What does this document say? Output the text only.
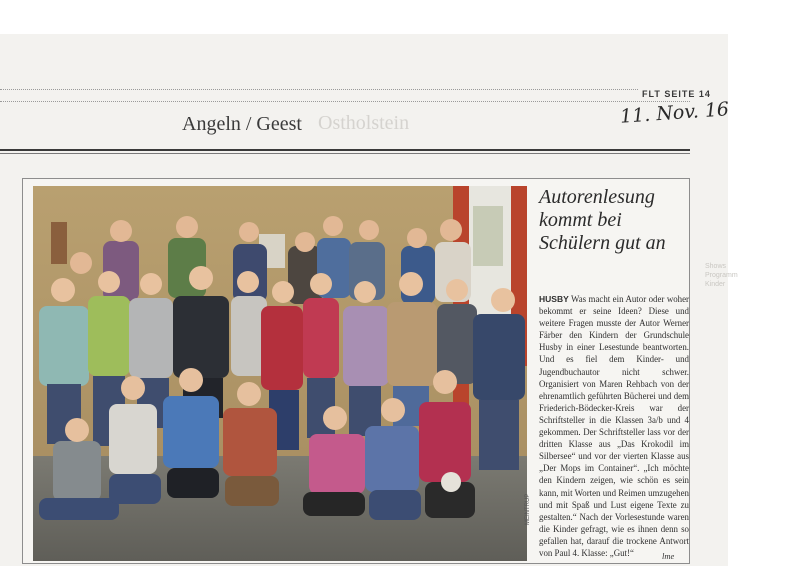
FLT SEITE 14
11. Nov. 16
Angeln / Geest Ostholstein
Shows Programm Kinder
MEINTRUP
Autorenlesung kommt bei Schülern gut an
HUSBY Was macht ein Autor oder woher bekommt er seine Ideen? Diese und weitere Fragen musste der Autor Werner Färber den Kindern der Grundschule Husby in einer Lesestunde beantworten. Und es fiel dem Kinder- und Jugendbuchautor nicht schwer. Organisiert von Maren Rehbach von der ehrenamtlich geführten Bücherei und dem Friederich-Bödecker-Kreis war der Schriftsteller in die Klassen 3a/b und 4 gekommen. Der Schriftsteller lass vor der dritten Klasse aus „Das Krokodil im Silbersee“ und vor der vierten Klasse aus „Der Mops im Container“. „Ich möchte den Kindern zeigen, wie schön es sein kann, mit Worten und Reimen umzugehen und mit Spaß und Lust eigene Texte zu gestalten.“ Nach der Vorlesestunde waren die Kinder gefragt, wie es ihnen denn so gefallen hat, darauf die trockene Antwort von Paul 4. Klasse: „Gut!“	lme
